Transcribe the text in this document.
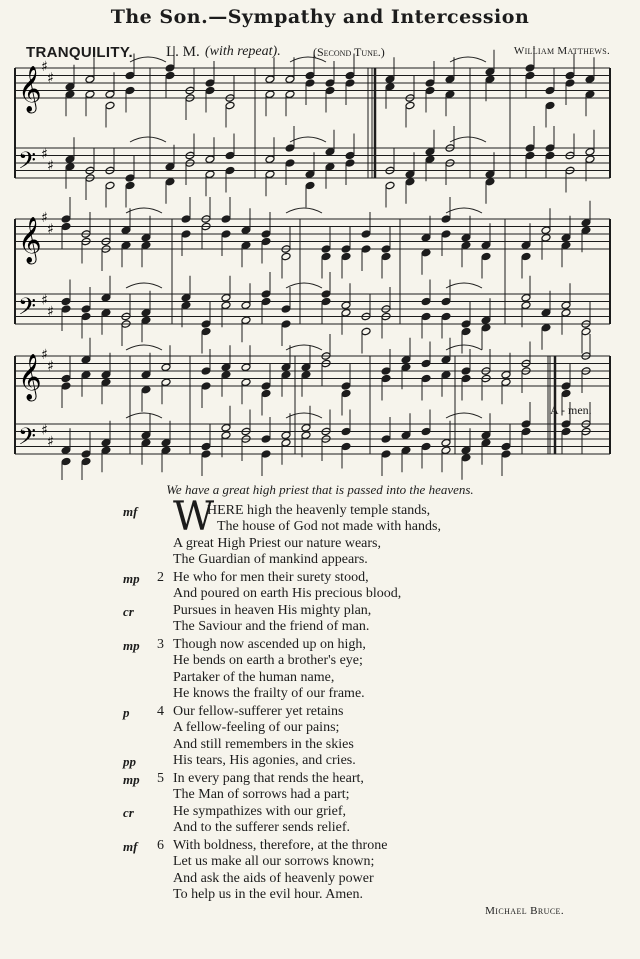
The Son.—Sympathy and Intercession
TRANQUILITY. L. M. (with repeat).	(Second Tune.)	William Matthews.
𝄞
𝄢
♯
♯
♯
♯
𝄞
𝄢
♯
♯
♯
♯
𝄞
𝄢
♯
♯
♯
♯
A - men.
We have a great high priest that is passed into the heavens.
W
mf	HERE high the heavenly temple stands,
The house of God not made with hands,
A great High Priest our nature wears,
The Guardian of mankind appears.
mp 2 He who for men their surety stood,
And poured on earth His precious blood,
cr	Pursues in heaven His mighty plan,
The Saviour and the friend of man.
mp 3 Though now ascended up on high,
He bends on earth a brother's eye;
Partaker of the human name,
He knows the frailty of our frame.
p 4 Our fellow-sufferer yet retains
A fellow-feeling of our pains;
And still remembers in the skies
pp	His tears, His agonies, and cries.
mp 5 In every pang that rends the heart,
The Man of sorrows had a part;
cr	He sympathizes with our grief,
And to the sufferer sends relief.
mf 6 With boldness, therefore, at the throne
Let us make all our sorrows known;
And ask the aids of heavenly power
To help us in the evil hour. Amen.
Michael Bruce.
